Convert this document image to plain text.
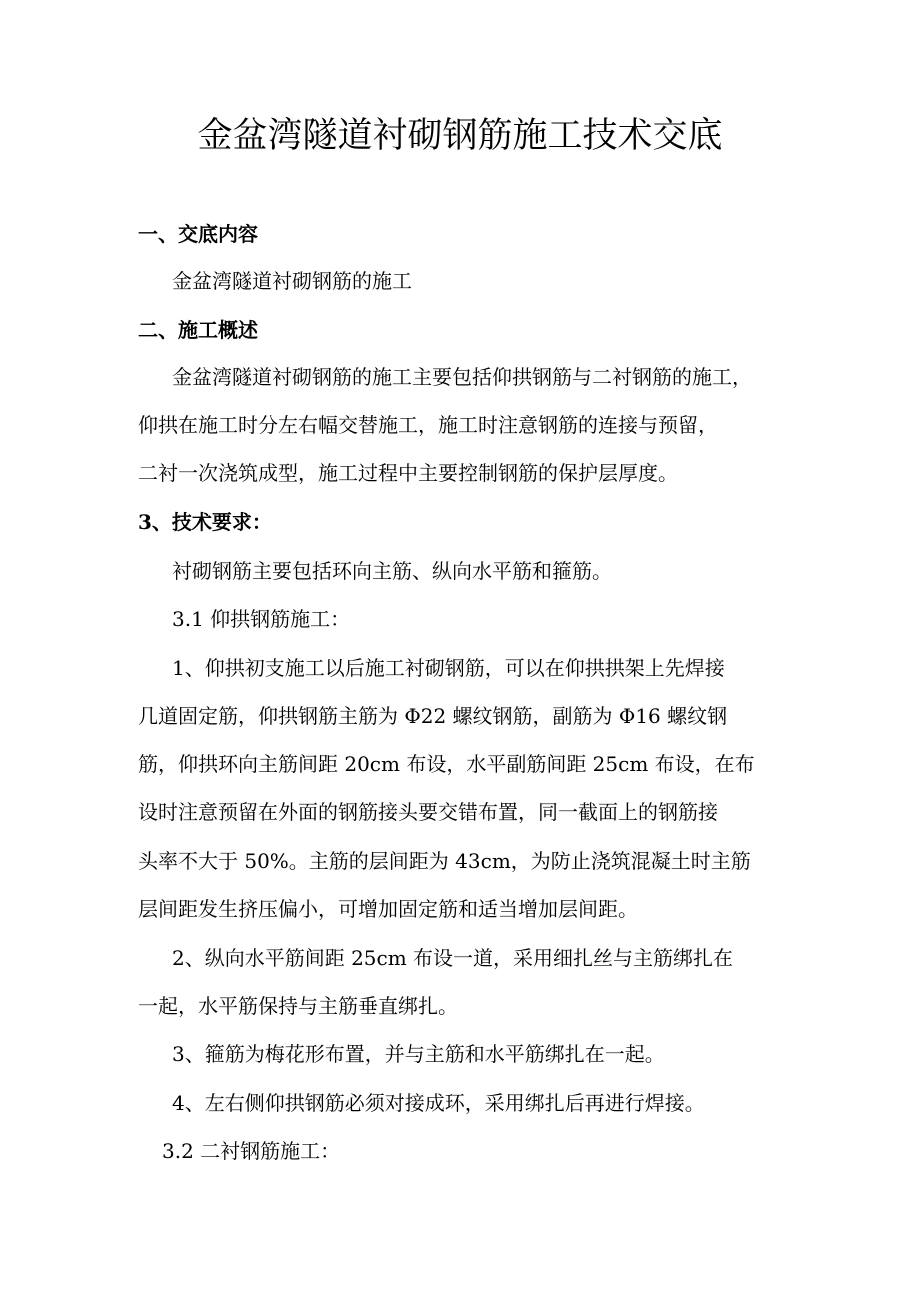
金盆湾隧道衬砌钢筋施工技术交底
一、交底内容
金盆湾隧道衬砌钢筋的施工
二、施工概述
金盆湾隧道衬砌钢筋的施工主要包括仰拱钢筋与二衬钢筋的施工，
仰拱在施工时分左右幅交替施工，施工时注意钢筋的连接与预留，
二衬一次浇筑成型，施工过程中主要控制钢筋的保护层厚度。
3、技术要求：
衬砌钢筋主要包括环向主筋、纵向水平筋和箍筋。
3.1 仰拱钢筋施工：
1、仰拱初支施工以后施工衬砌钢筋，可以在仰拱拱架上先焊接
几道固定筋，仰拱钢筋主筋为 Φ22 螺纹钢筋，副筋为 Φ16 螺纹钢
筋，仰拱环向主筋间距 20cm 布设，水平副筋间距 25cm 布设，在布
设时注意预留在外面的钢筋接头要交错布置，同一截面上的钢筋接
头率不大于 50%。主筋的层间距为 43cm，为防止浇筑混凝土时主筋
层间距发生挤压偏小，可增加固定筋和适当增加层间距。
2、纵向水平筋间距 25cm 布设一道，采用细扎丝与主筋绑扎在
一起，水平筋保持与主筋垂直绑扎。
3、箍筋为梅花形布置，并与主筋和水平筋绑扎在一起。
4、左右侧仰拱钢筋必须对接成环，采用绑扎后再进行焊接。
3.2 二衬钢筋施工：
